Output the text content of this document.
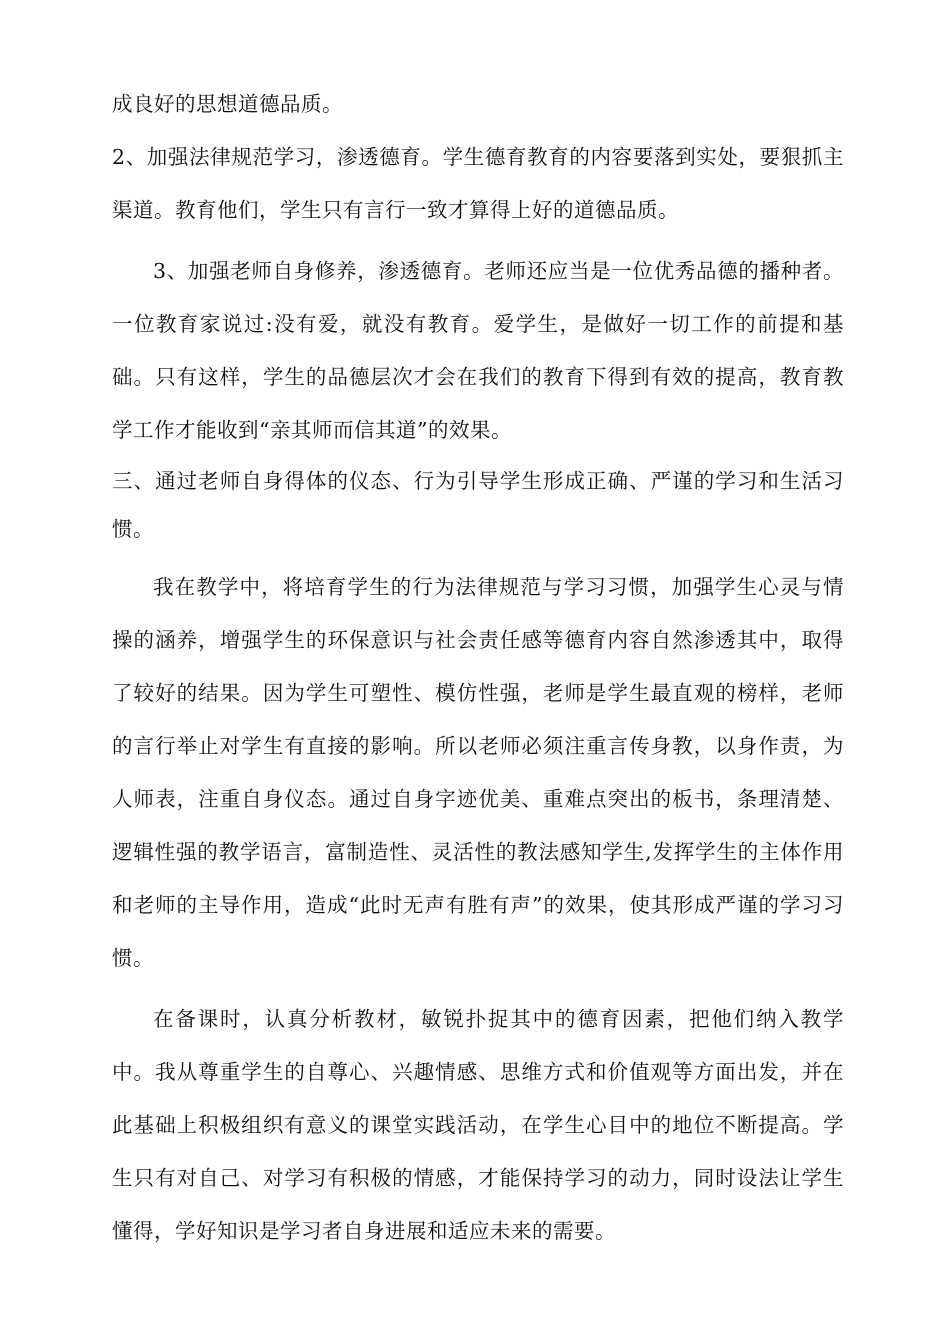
成良好的思想道德品质。

2、加强法律规范学习，渗透德育。学生德育教育的内容要落到实处，要狠抓主渠道。教育他们，学生只有言行一致才算得上好的道德品质。

3、加强老师自身修养，渗透德育。老师还应当是一位优秀品德的播种者。一位教育家说过:没有爱，就没有教育。爱学生，是做好一切工作的前提和基础。只有这样，学生的品德层次才会在我们的教育下得到有效的提高，教育教学工作才能收到“亲其师而信其道”的效果。

三、通过老师自身得体的仪态、行为引导学生形成正确、严谨的学习和生活习惯。

我在教学中，将培育学生的行为法律规范与学习习惯，加强学生心灵与情操的涵养，增强学生的环保意识与社会责任感等德育内容自然渗透其中，取得了较好的结果。因为学生可塑性、模仿性强，老师是学生最直观的榜样，老师的言行举止对学生有直接的影响。所以老师必须注重言传身教，以身作责，为人师表，注重自身仪态。通过自身字迹优美、重难点突出的板书，条理清楚、逻辑性强的教学语言，富制造性、灵活性的教法感知学生,发挥学生的主体作用和老师的主导作用，造成“此时无声有胜有声”的效果，使其形成严谨的学习习惯。

在备课时，认真分析教材，敏锐扑捉其中的德育因素，把他们纳入教学中。我从尊重学生的自尊心、兴趣情感、思维方式和价值观等方面出发，并在此基础上积极组织有意义的课堂实践活动，在学生心目中的地位不断提高。学生只有对自己、对学习有积极的情感，才能保持学习的动力，同时设法让学生懂得，学好知识是学习者自身进展和适应未来的需要。
